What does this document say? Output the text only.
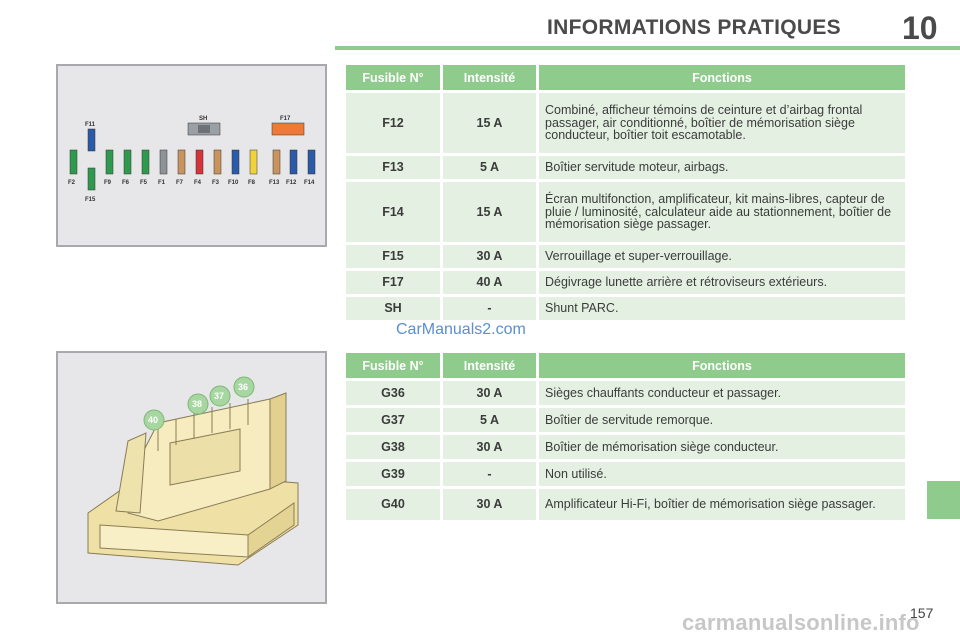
INFORMATIONS PRATIQUES 10
F11
SH	F17
F2
F15
F9 F6 F5 F1 F7 F4 F3 F10 F8 F13 F12 F14
40
38
37
36
Fusible N°	Intensité	Fonctions
F12	15 A	Combiné, afficheur témoins de ceinture et d’airbag frontal passager, air conditionné, boîtier de mémorisation siège conducteur, boîtier toit escamotable.
F13	5 A	Boîtier servitude moteur, airbags.
F14	15 A	Écran multifonction, amplificateur, kit mains-libres, capteur de pluie / luminosité, calculateur aide au stationnement, boîtier de mémorisation siège passager.
F15	30 A	Verrouillage et super-verrouillage.
F17	40 A	Dégivrage lunette arrière et rétroviseurs extérieurs.
SH	-	Shunt PARC.
CarManuals2.com
Fusible N°	Intensité	Fonctions
G36	30 A	Sièges chauffants conducteur et passager.
G37	5 A	Boîtier de servitude remorque.
G38	30 A	Boîtier de mémorisation siège conducteur.
G39	-	Non utilisé.
G40	30 A	Amplificateur Hi-Fi, boîtier de mémorisation siège passager.
157
carmanualsonline.info
